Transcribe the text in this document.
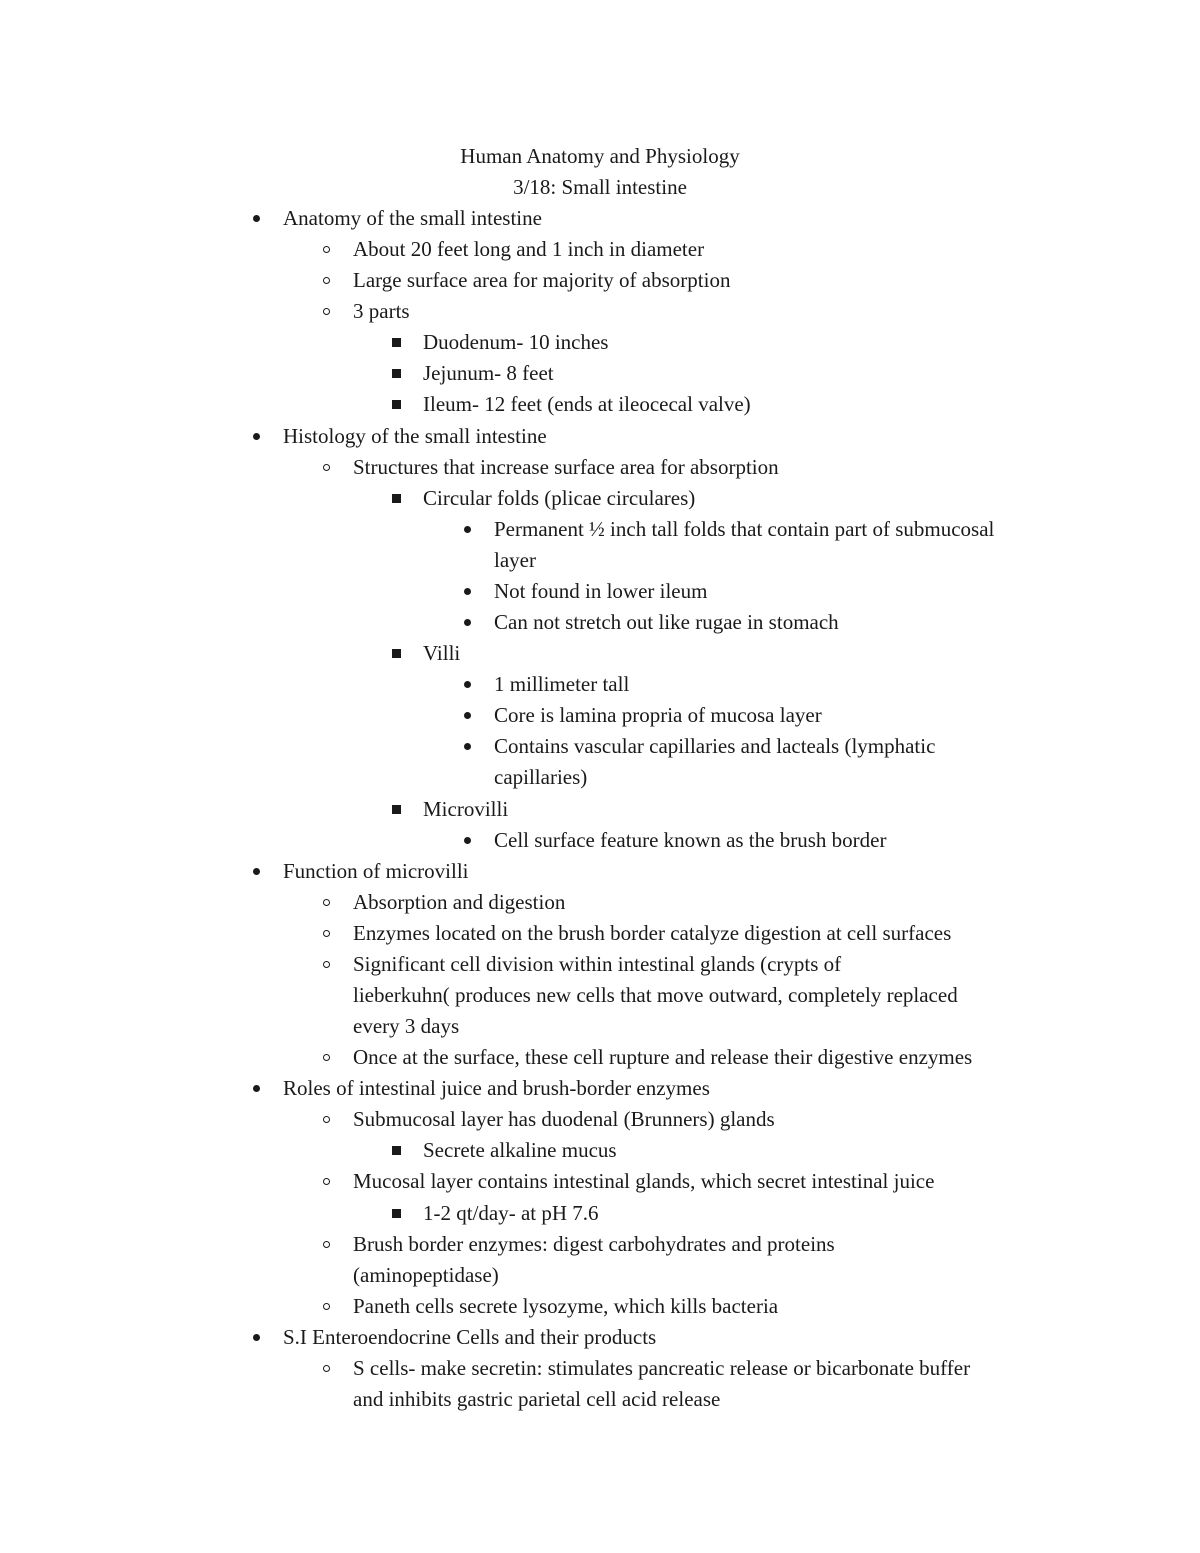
Human Anatomy and Physiology
3/18: Small intestine
Anatomy of the small intestine
About 20 feet long and 1 inch in diameter
Large surface area for majority of absorption
3 parts
Duodenum- 10 inches
Jejunum- 8 feet
Ileum- 12 feet (ends at ileocecal valve)
Histology of the small intestine
Structures that increase surface area for absorption
Circular folds (plicae circulares)
Permanent ½ inch tall folds that contain part of submucosal
layer
Not found in lower ileum
Can not stretch out like rugae in stomach
Villi
1 millimeter tall
Core is lamina propria of mucosa layer
Contains vascular capillaries and lacteals (lymphatic
capillaries)
Microvilli
Cell surface feature known as the brush border
Function of microvilli
Absorption and digestion
Enzymes located on the brush border catalyze digestion at cell surfaces
Significant cell division within intestinal glands (crypts of
lieberkuhn( produces new cells that move outward, completely replaced
every 3 days
Once at the surface, these cell rupture and release their digestive enzymes
Roles of intestinal juice and brush-border enzymes
Submucosal layer has duodenal (Brunners) glands
Secrete alkaline mucus
Mucosal layer contains intestinal glands, which secret intestinal juice
1-2 qt/day- at pH 7.6
Brush border enzymes: digest carbohydrates and proteins
(aminopeptidase)
Paneth cells secrete lysozyme, which kills bacteria
S.I Enteroendocrine Cells and their products
S cells- make secretin: stimulates pancreatic release or bicarbonate buffer
and inhibits gastric parietal cell acid release
